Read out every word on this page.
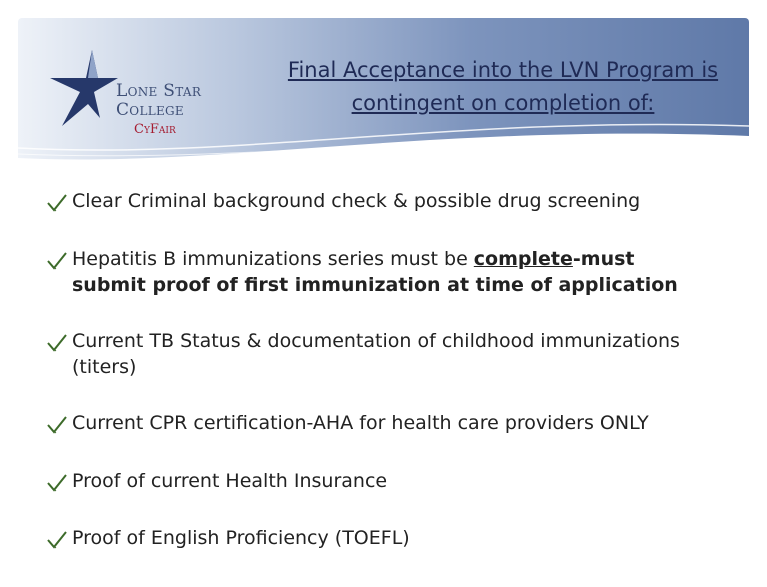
Lone Star
College
CyFair
Final Acceptance into the LVN Program is
contingent on completion of:
Clear Criminal background check & possible drug screening
Hepatitis B immunizations series must be complete-must
submit proof of first immunization at time of application
Current TB Status & documentation of childhood immunizations
(titers)
Current CPR certification-AHA for health care providers ONLY
Proof of current Health Insurance
Proof of English Proficiency (TOEFL)
